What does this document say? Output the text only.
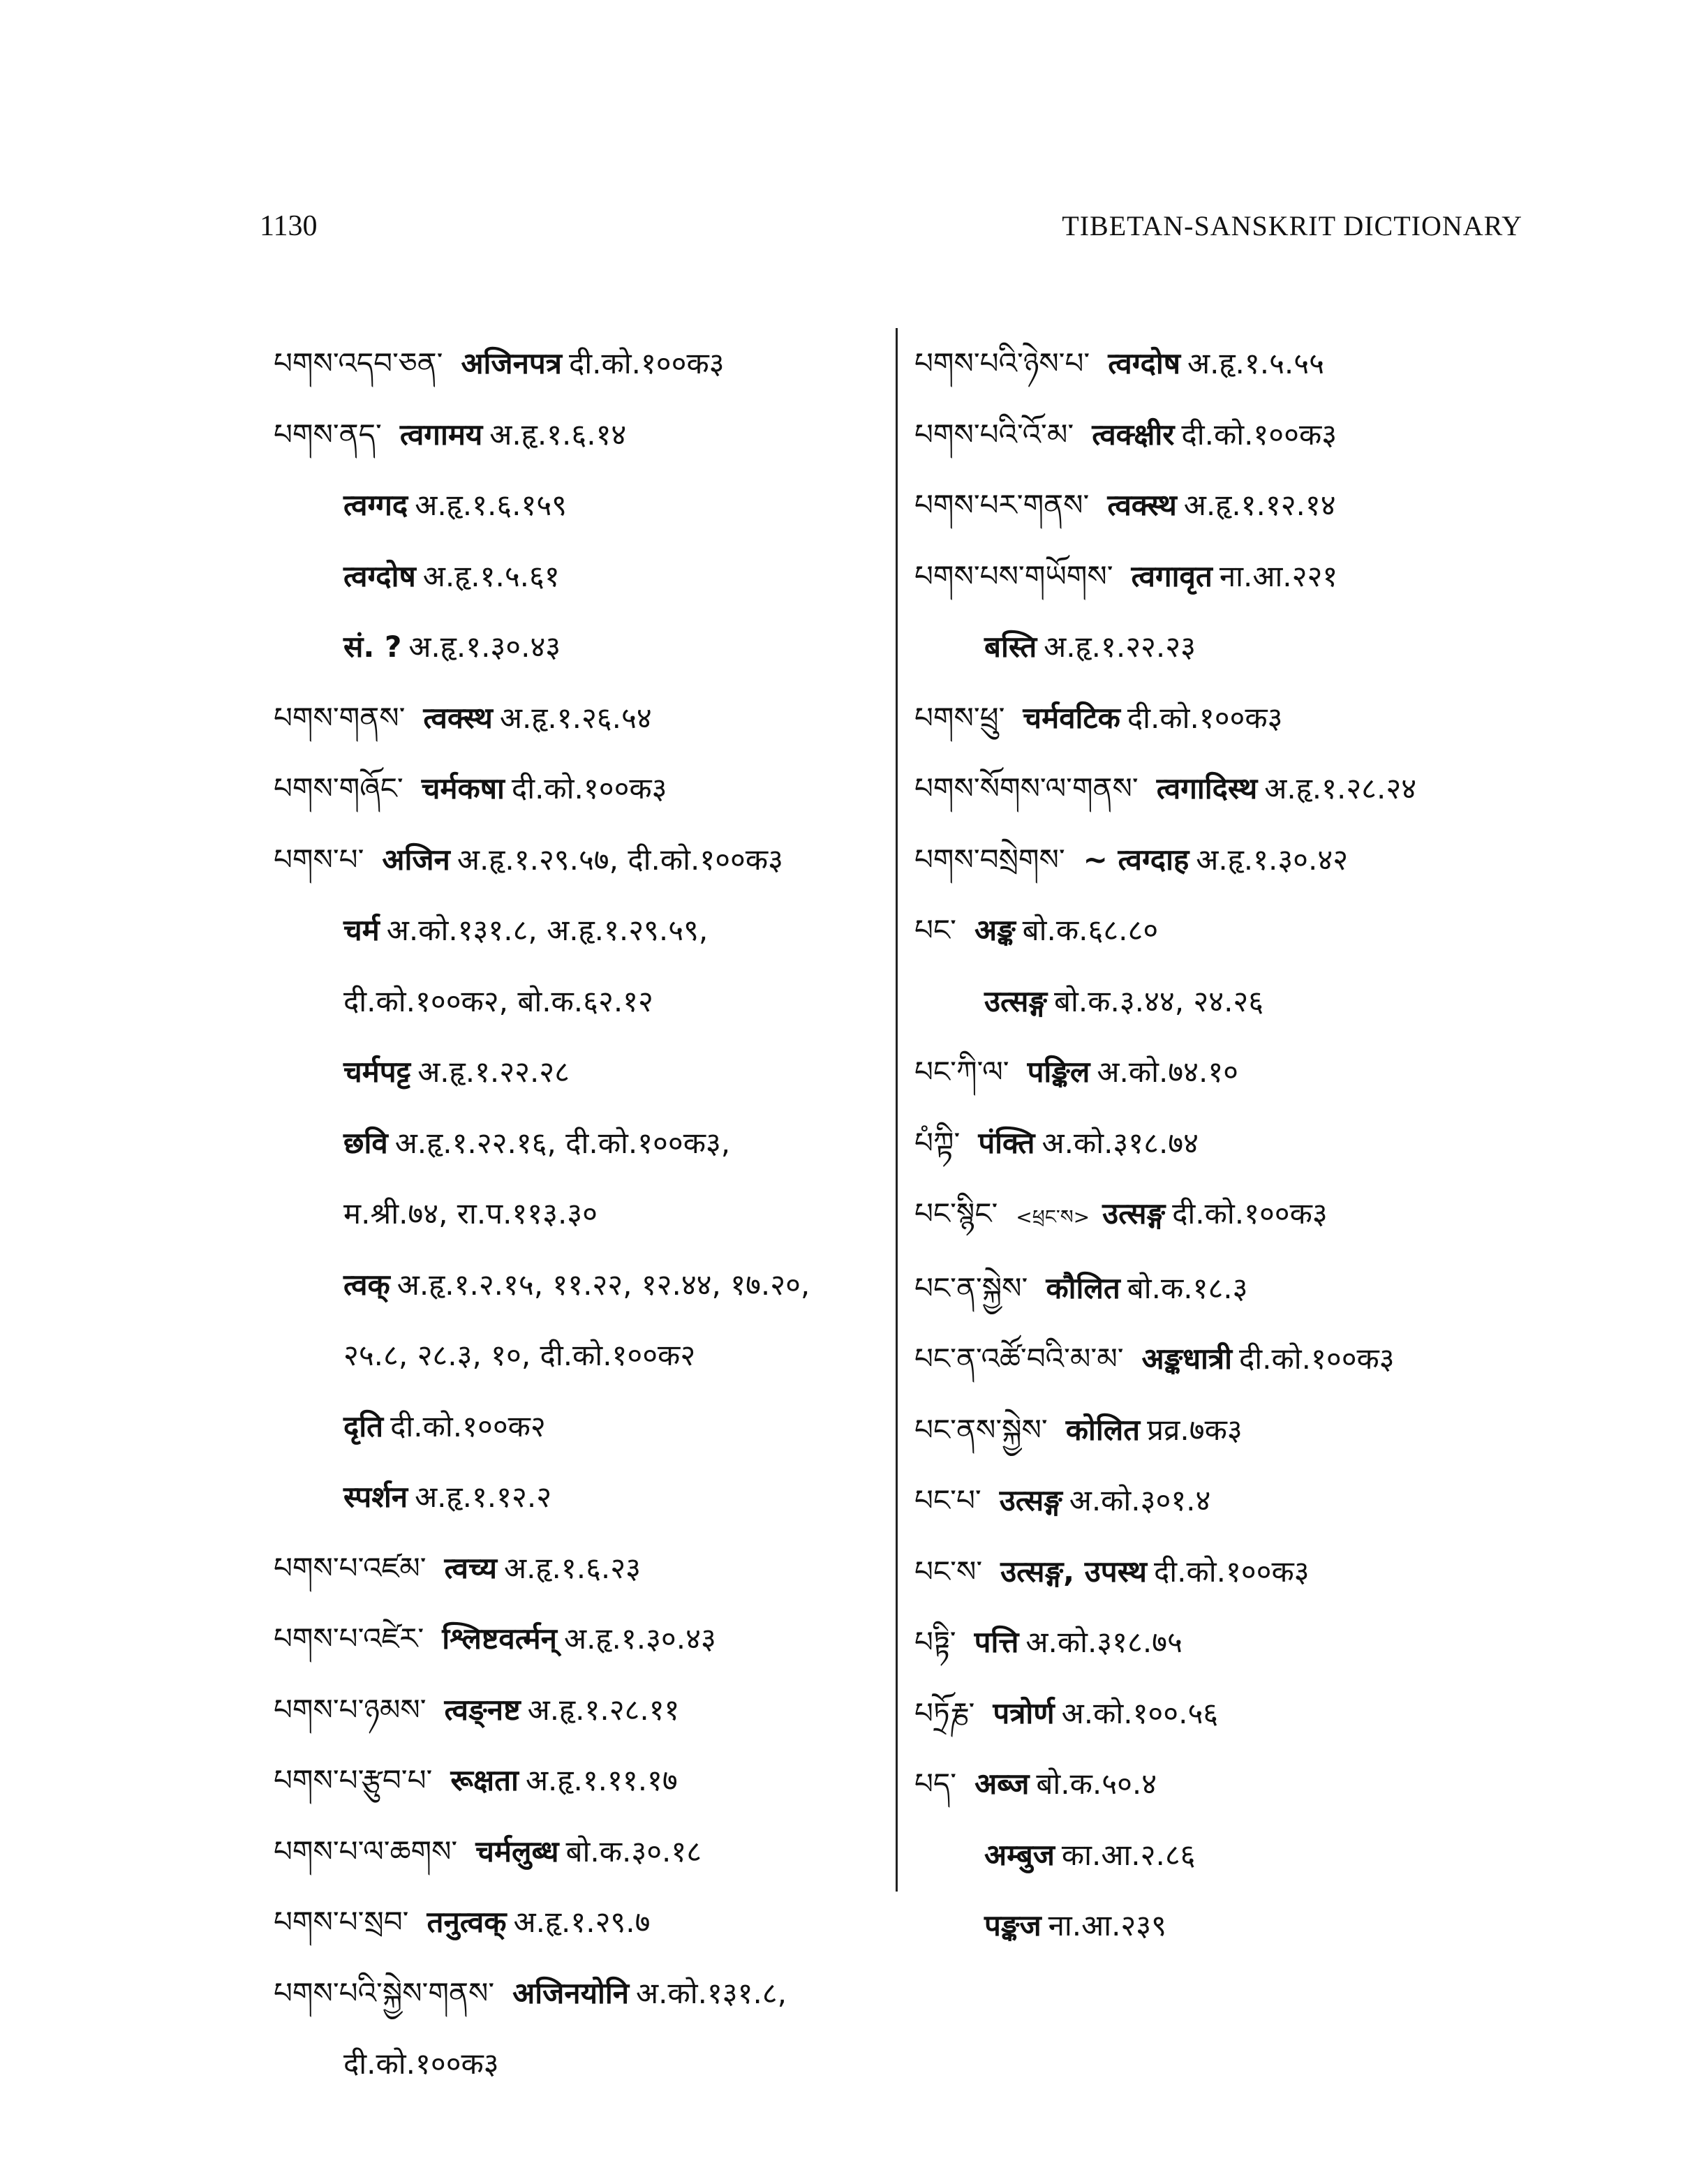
1130	TIBETAN-SANSKRIT DICTIONARY
པགས་འདབ་ཅན་ अजिनपत्र दी.को.१००क३
པགས་ནད་ त्वगामय अ.हृ.१.६.१४
त्वग्गद अ.हृ.१.६.१५९
त्वग्दोष अ.हृ.१.५.६१
सं. ? अ.हृ.१.३०.४३
པགས་གནས་ त्वक्स्थ अ.हृ.१.२६.५४
པགས་གཞོང་ चर्मकषा दी.को.१००क३
པགས་པ་ अजिन अ.हृ.१.२९.५७, दी.को.१००क३
चर्म अ.को.१३१.८, अ.हृ.१.२९.५९,
दी.को.१००क२, बो.क.६२.१२
चर्मपट्ट अ.हृ.१.२२.२८
छवि अ.हृ.१.२२.१६, दी.को.१००क३,
म.श्री.७४, रा.प.११३.३०
त्वक् अ.हृ.१.२.१५, ११.२२, १२.४४, १७.२०,
२५.८, २८.३, १०, दी.को.१००क२
दृति दी.को.१००क२
स्पर्शन अ.हृ.१.१२.२
པགས་པ་འཛམ་ त्वच्य अ.हृ.१.६.२३
པགས་པ་འཛེར་ श्लिष्टवर्त्मन् अ.हृ.१.३०.४३
པགས་པ་ཉམས་ त्वङ्नष्ट अ.हृ.१.२८.११
པགས་པ་རྩུབ་པ་ रूक्षता अ.हृ.१.११.१७
པགས་པ་ལ་ཆགས་ चर्मलुब्ध बो.क.३०.१८
པགས་པ་སྲབ་ तनुत्वक् अ.हृ.१.२९.७
པགས་པའི་སྐྱེས་གནས་ अजिनयोनि अ.को.१३१.८,
दी.को.१००क३
པགས་པའི་ཉེས་པ་ त्वग्दोष अ.हृ.१.५.५५
པགས་པའི་འོ་མ་ त्वक्क्षीर दी.को.१००क३
པགས་པར་གནས་ त्वक्स्थ अ.हृ.१.१२.१४
པགས་པས་གཡོགས་ त्वगावृत ना.आ.२२१
बस्ति अ.हृ.१.२२.२३
པགས་ཕྲུ་ चर्मवटिक दी.को.१००क३
པགས་སོགས་ལ་གནས་ त्वगादिस्थ अ.हृ.१.२८.२४
པགས་བསྲེགས་ ~ त्वग्दाह अ.हृ.१.३०.४२
པང་ अङ्क बो.क.६८.८०
उत्सङ्ग बो.क.३.४४, २४.२६
པང་ཀི་ལ་ पङ्किल अ.को.७४.१०
པཾཀྟི་ पंक्ति अ.को.३१८.७४
པང་སྙིང་ <ཕྲང་ས> उत्सङ्ग दी.को.१००क३
པང་ན་སྐྱེས་ कौलित बो.क.१८.३
པང་ན་འཚོ་བའི་མ་མ་ अङ्कधात्री दी.को.१००क३
པང་ནས་སྐྱེས་ कोलित प्रव्र.७क३
པང་པ་ उत्सङ्ग अ.को.३०१.४
པང་ས་ उत्सङ्ग, उपस्थ दी.को.१००क३
པཏྟི་ पत्ति अ.को.३१८.७५
པཏྲོརྞ་ पत्रोर्ण अ.को.१००.५६
པད་ अब्ज बो.क.५०.४
अम्बुज का.आ.२.८६
पङ्कज ना.आ.२३९
